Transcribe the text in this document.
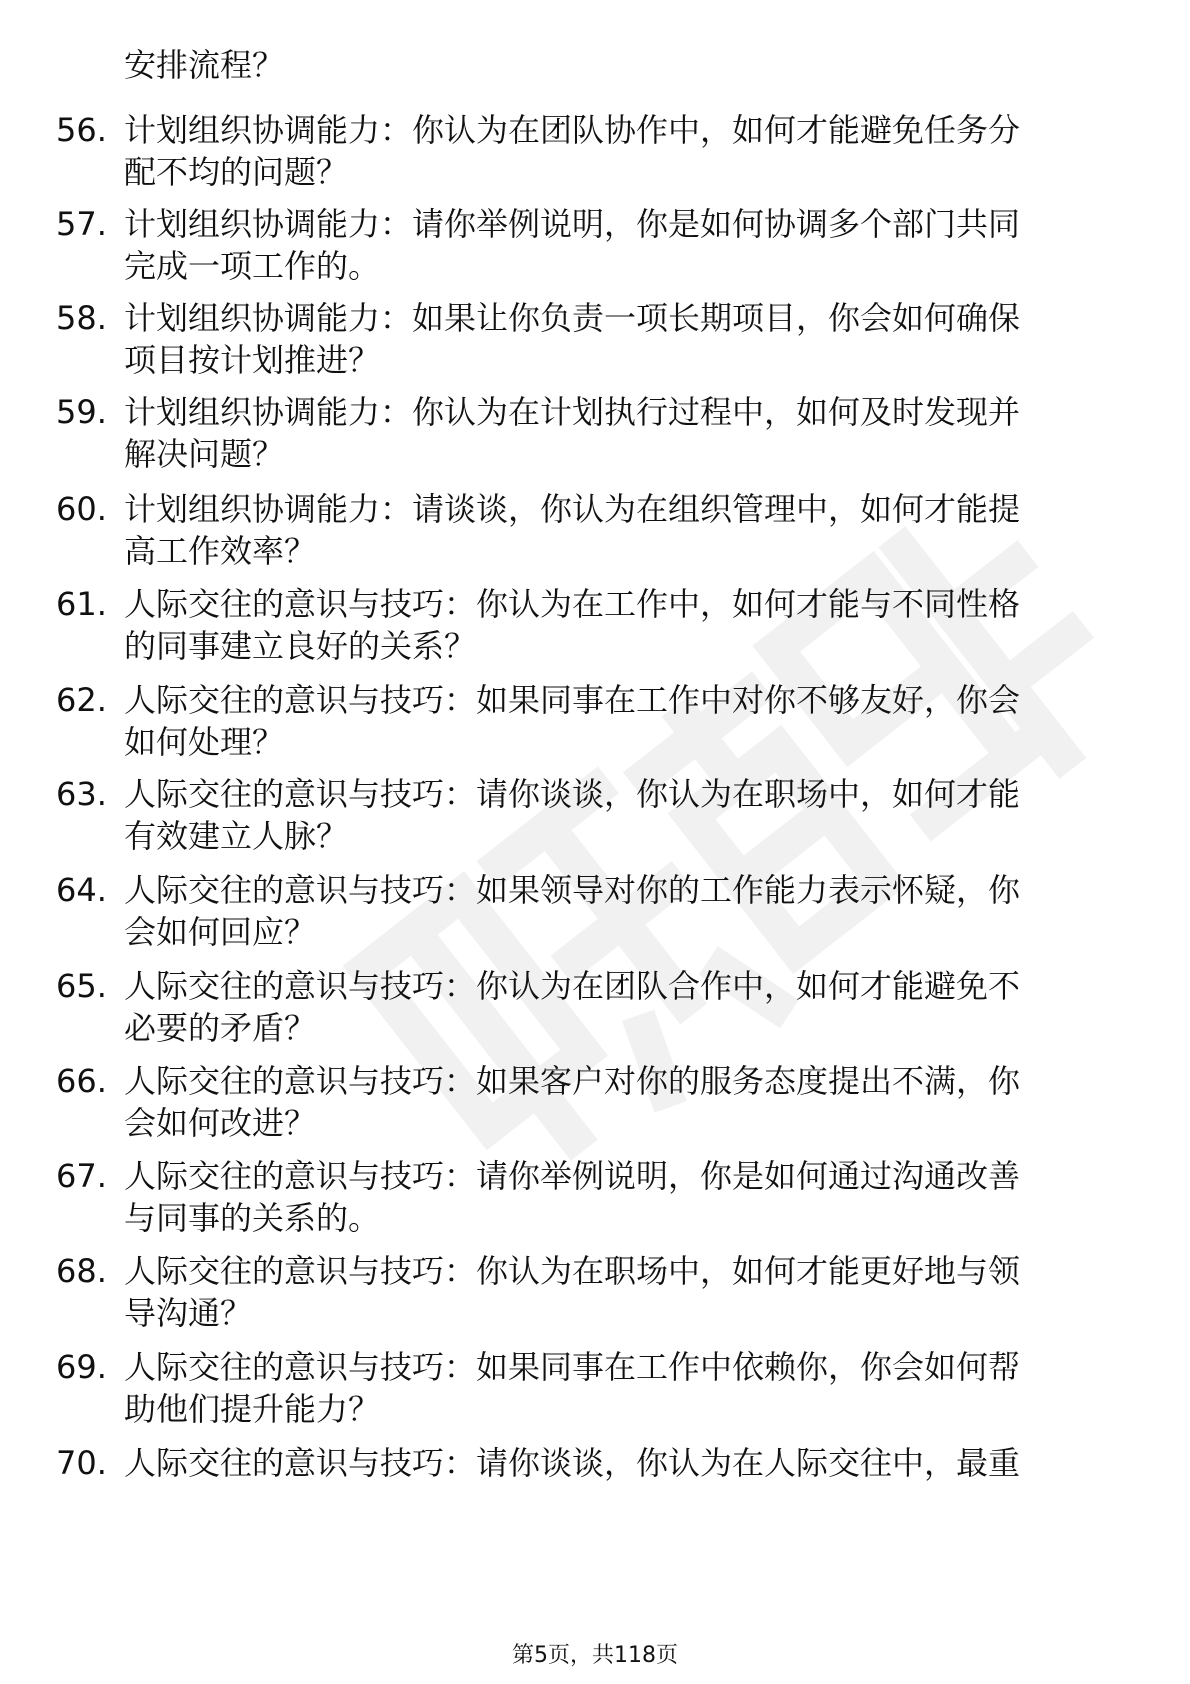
安排流程？
56. 计划组织协调能力：你认为在团队协作中，如何才能避免任务分
配不均的问题？
57. 计划组织协调能力：请你举例说明，你是如何协调多个部门共同
完成一项工作的。
58. 计划组织协调能力：如果让你负责一项长期项目，你会如何确保
项目按计划推进？
59. 计划组织协调能力：你认为在计划执行过程中，如何及时发现并
解决问题？
60. 计划组织协调能力：请谈谈，你认为在组织管理中，如何才能提
高工作效率？
61. 人际交往的意识与技巧：你认为在工作中，如何才能与不同性格
的同事建立良好的关系？
62. 人际交往的意识与技巧：如果同事在工作中对你不够友好，你会
如何处理？
63. 人际交往的意识与技巧：请你谈谈，你认为在职场中，如何才能
有效建立人脉？
64. 人际交往的意识与技巧：如果领导对你的工作能力表示怀疑，你
会如何回应？
65. 人际交往的意识与技巧：你认为在团队合作中，如何才能避免不
必要的矛盾？
66. 人际交往的意识与技巧：如果客户对你的服务态度提出不满，你
会如何改进？
67. 人际交往的意识与技巧：请你举例说明，你是如何通过沟通改善
与同事的关系的。
68. 人际交往的意识与技巧：你认为在职场中，如何才能更好地与领
导沟通？
69. 人际交往的意识与技巧：如果同事在工作中依赖你，你会如何帮
助他们提升能力？
70. 人际交往的意识与技巧：请你谈谈，你认为在人际交往中，最重
第5页，共118页
